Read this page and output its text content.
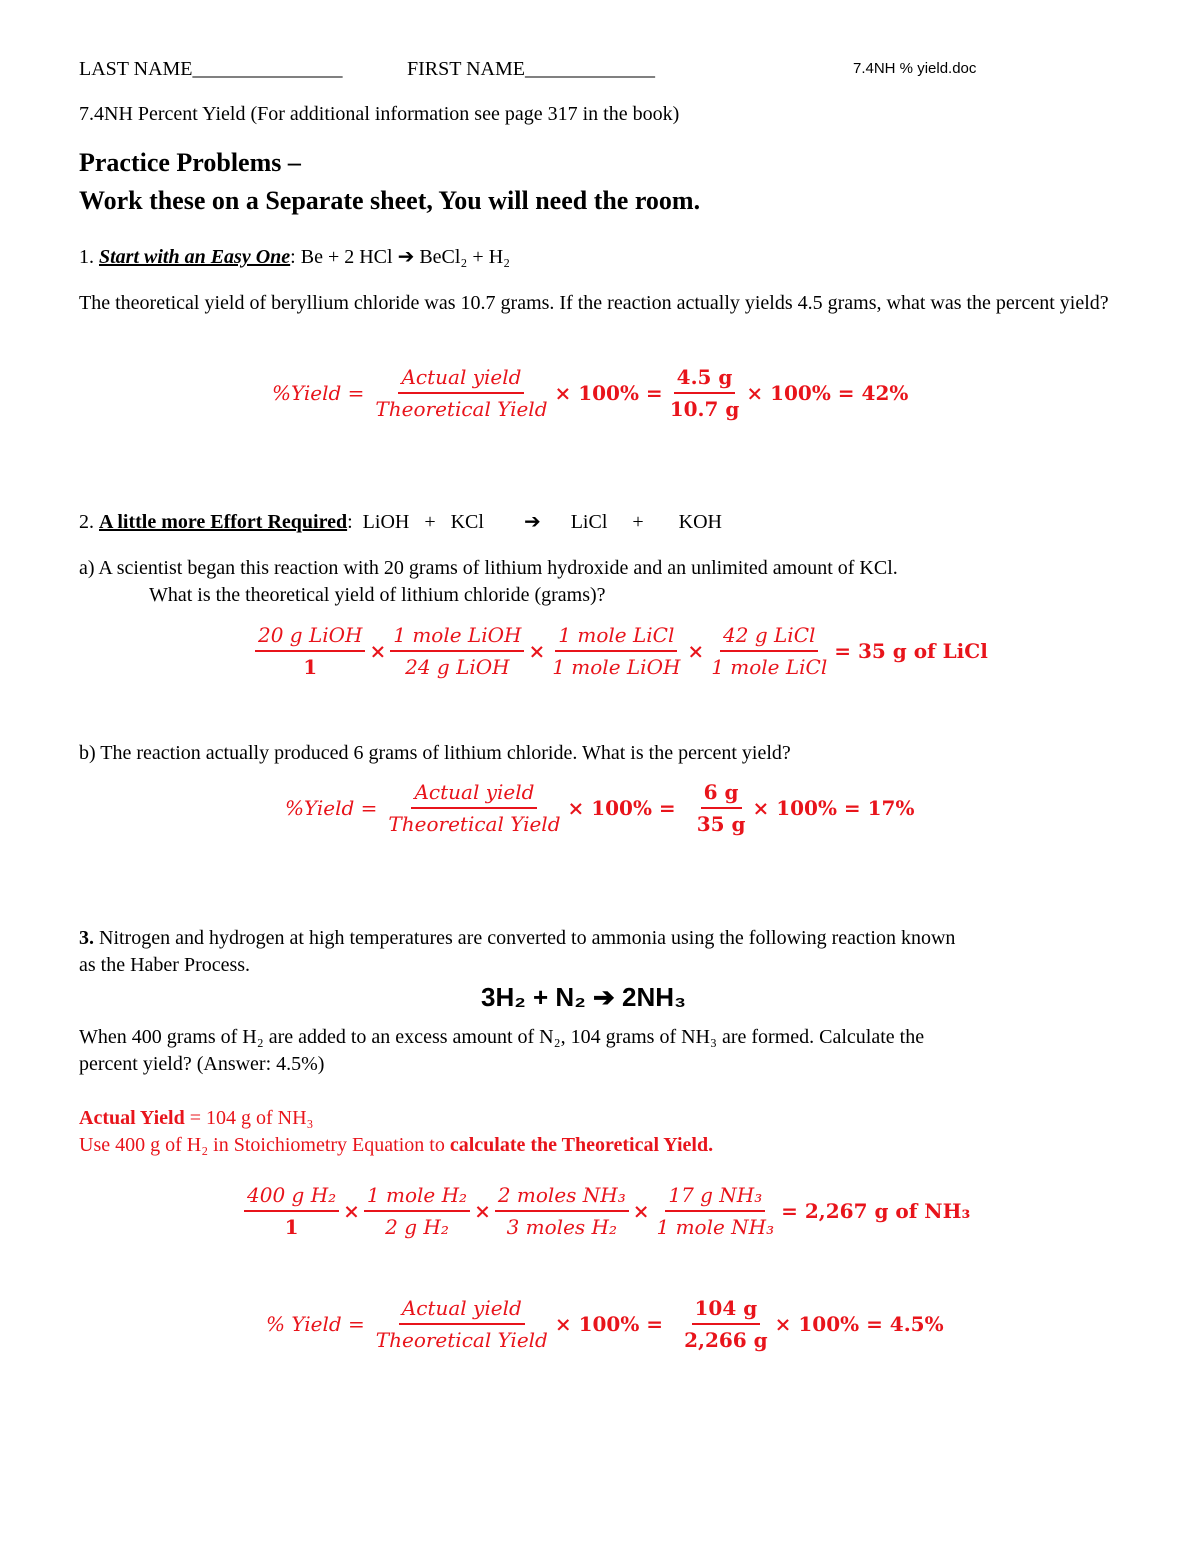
LAST NAME_______________	FIRST NAME_____________	7.4NH % yield.doc
7.4NH Percent Yield (For additional information see page 317 in the book)
Practice Problems –
Work these on a Separate sheet, You will need the room.
1. Start with an Easy One: Be + 2 HCl ➔ BeCl₂ + H₂
The theoretical yield of beryllium chloride was 10.7 grams. If the reaction actually yields 4.5 grams, what was the percent yield?
%Yield = $\frac{\text{Actual yield}}{\text{Theoretical Yield}} \times 100\% = \frac{4.5 g}{10.7 g} \times 100\% = 42\%$
2. A little more Effort Required:  LiOH   +   KCl        ➔      LiCl     +       KOH
a) A scientist began this reaction with 20 grams of lithium hydroxide and an unlimited amount of KCl.
What is the theoretical yield of lithium chloride (grams)?
$\frac{\text{20 g LiOH}}{1} \times \frac{\text{1 mole LiOH}}{\text{24 g LiOH}} \times \frac{\text{1 mole LiCl}}{\text{1 mole LiOH}} \times \frac{\text{42 g LiCl}}{\text{1 mole LiCl}} = 35$ g of LiCl
b) The reaction actually produced 6 grams of lithium chloride. What is the percent yield?
%Yield = $\frac{\text{Actual yield}}{\text{Theoretical Yield}} \times 100\% = \frac{6 g}{35 g} \times 100\% = 17\%$
3. Nitrogen and hydrogen at high temperatures are converted to ammonia using the following reaction known
as the Haber Process.
3H₂ + N₂ ➔ 2NH₃
When 400 grams of H₂ are added to an excess amount of N₂, 104 grams of NH₃ are formed. Calculate the
percent yield? (Answer: 4.5%)
Actual Yield = 104 g of NH₃
Use 400 g of H₂ in Stoichiometry Equation to calculate the Theoretical Yield.
$\frac{\text{400 g H₂}}{1} \times \frac{\text{1 mole H₂}}{\text{2 g H₂}} \times \frac{\text{2 moles NH₃}}{\text{3 moles H₂}} \times \frac{\text{17 g NH₃}}{\text{1 mole NH₃}} = 2,267$ g of NH₃
% Yield = $\frac{\text{Actual yield}}{\text{Theoretical Yield}} \times 100\% = \frac{104 g}{2,266 g} \times 100\% = 4.5\%$
